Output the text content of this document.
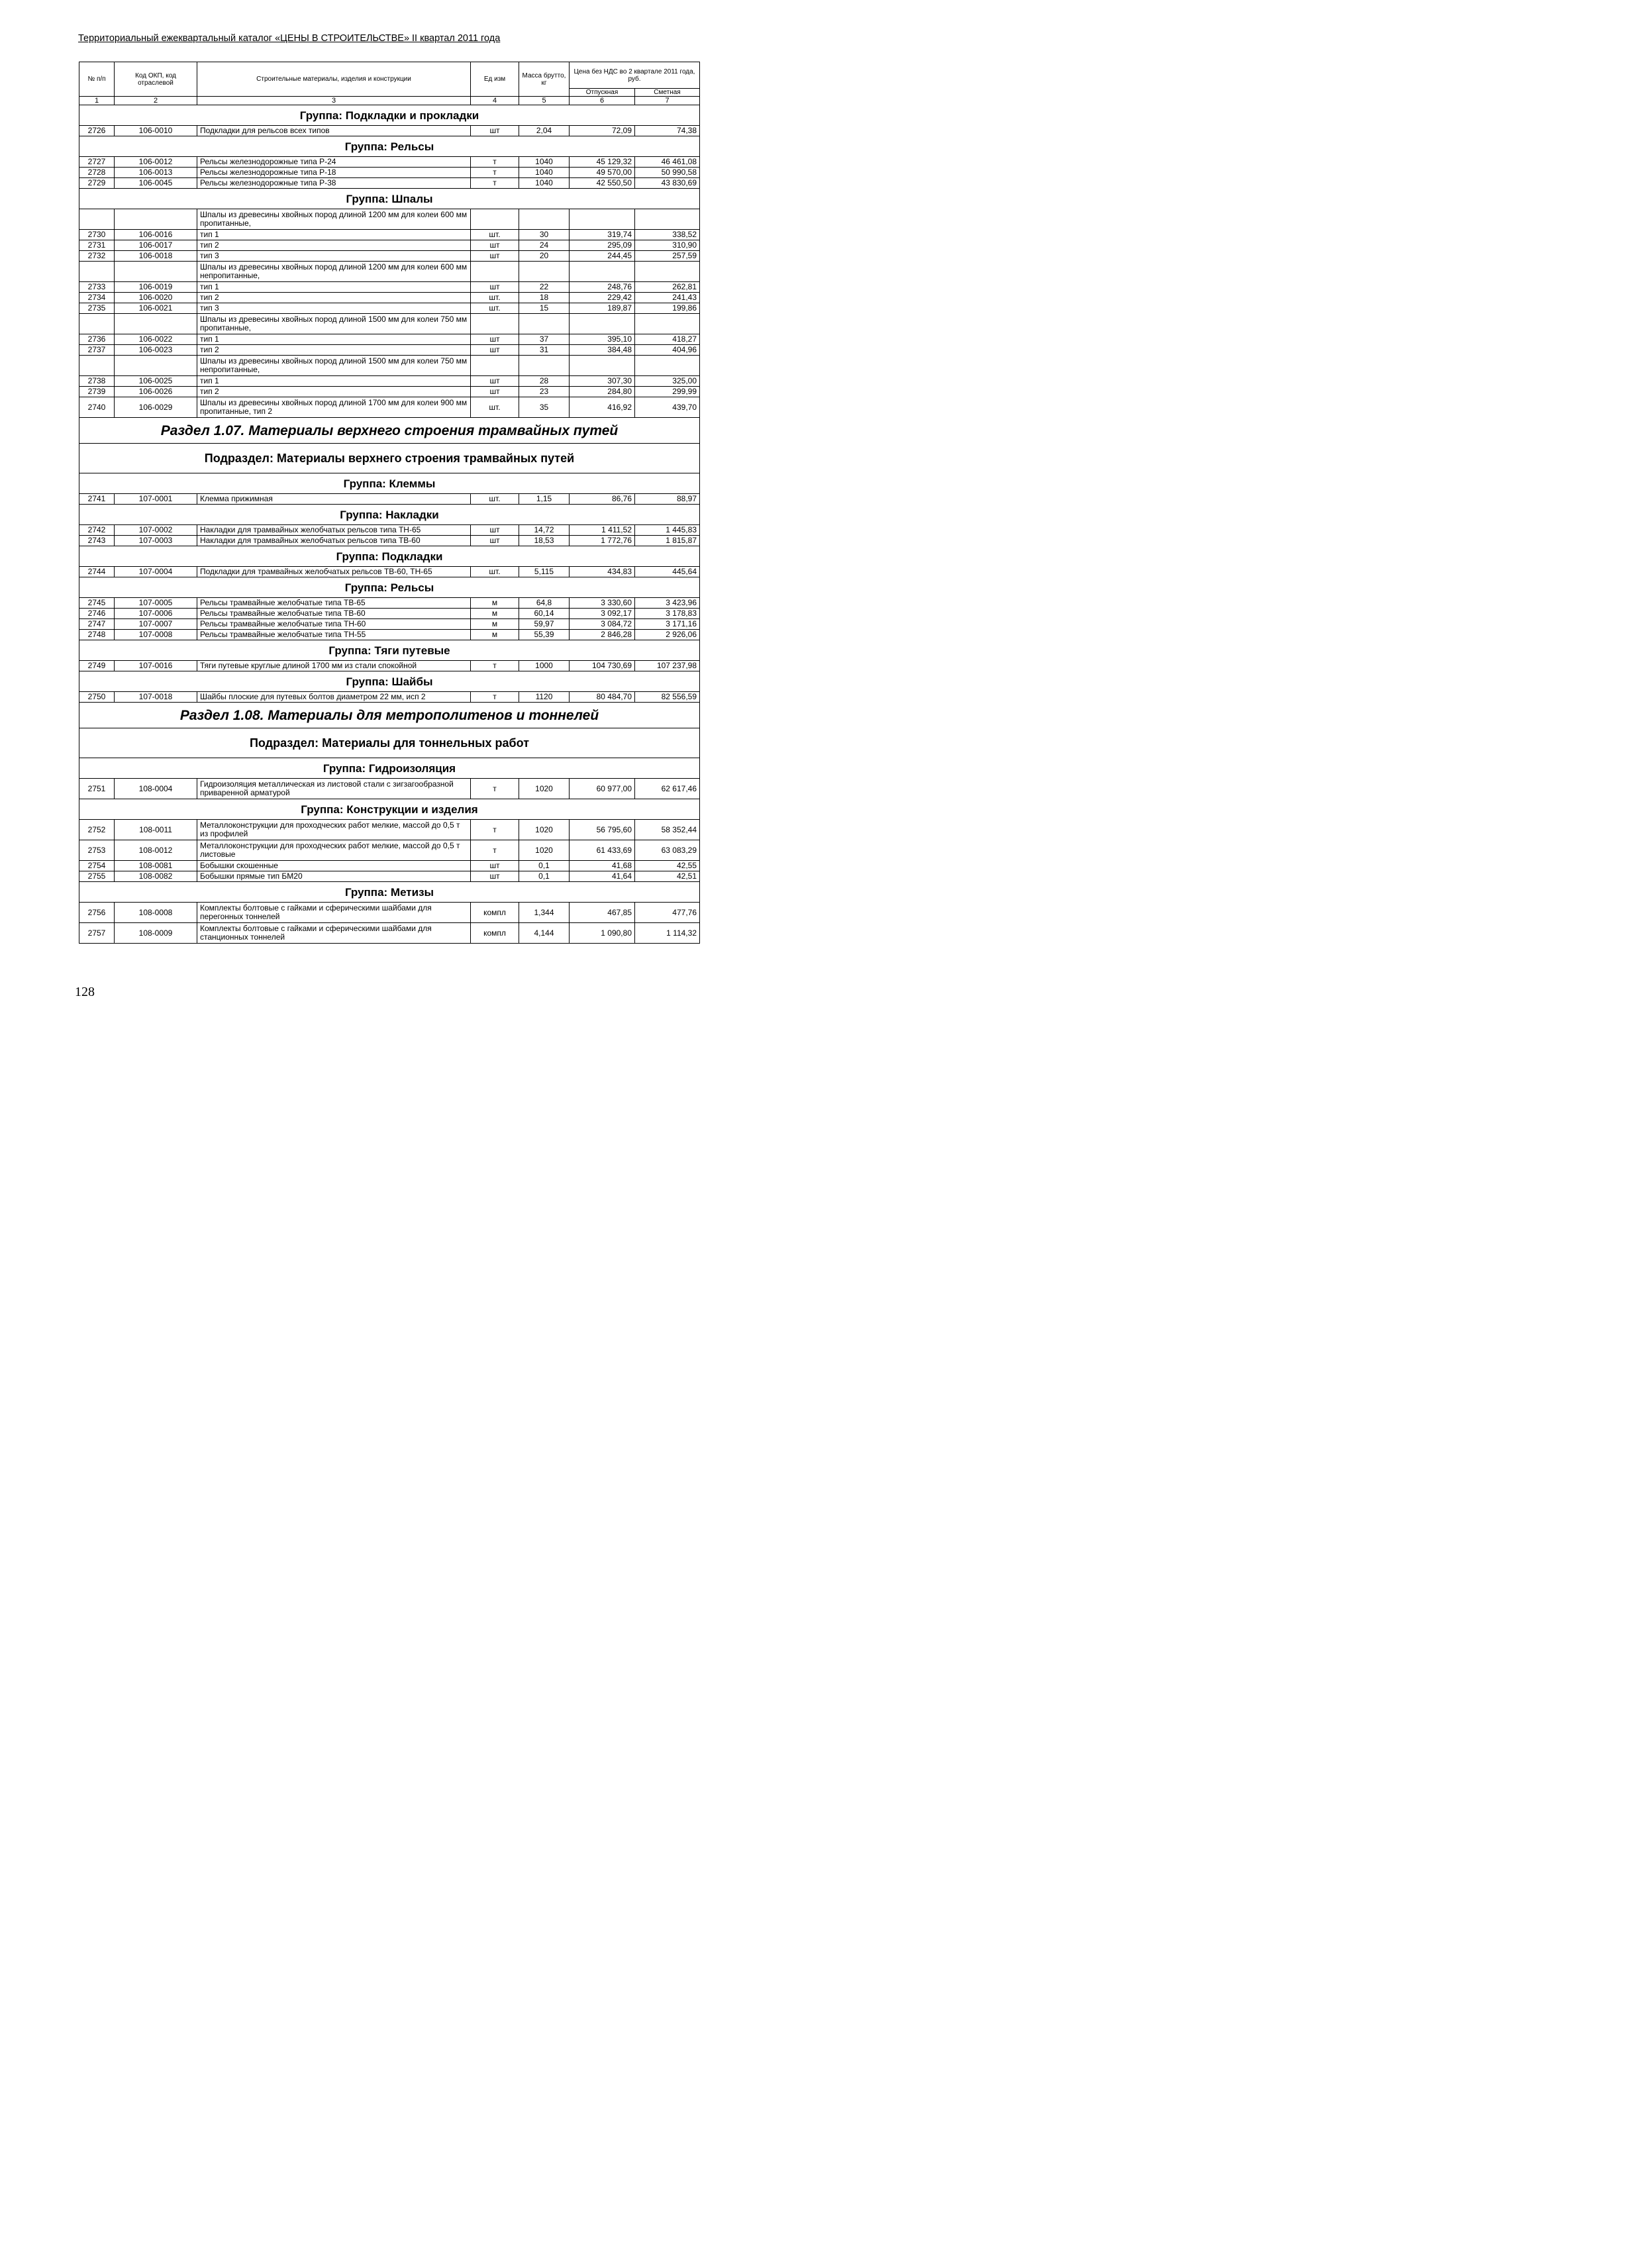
Территориальный ежеквартальный каталог «ЦЕНЫ В СТРОИТЕЛЬСТВЕ» II квартал 2011 года
№ п/п	Код ОКП, код отраслевой	Строительные материалы, изделия и конструкции	Ед изм	Масса брутто, кг	Цена без НДС во 2 квартале 2011 года, руб.	
					Отпускная	Сметная
1	2	3	4	5	6	7
Группа: Подкладки и прокладки						
2726	106-0010	Подкладки для рельсов всех типов	шт	2,04	72,09	74,38
Группа: Рельсы						
2727	106-0012	Рельсы железнодорожные типа Р-24	т	1040	45 129,32	46 461,08
2728	106-0013	Рельсы железнодорожные типа Р-18	т	1040	49 570,00	50 990,58
2729	106-0045	Рельсы железнодорожные типа Р-38	т	1040	42 550,50	43 830,69
Группа: Шпалы						
		Шпалы из древесины хвойных пород длиной 1200 мм для колеи 600 мм пропитанные,				
2730	106-0016	тип 1	шт.	30	319,74	338,52
2731	106-0017	тип 2	шт	24	295,09	310,90
2732	106-0018	тип 3	шт	20	244,45	257,59
		Шпалы из древесины хвойных пород длиной 1200 мм для колеи 600 мм непропитанные,				
2733	106-0019	тип 1	шт	22	248,76	262,81
2734	106-0020	тип 2	шт.	18	229,42	241,43
2735	106-0021	тип 3	шт.	15	189,87	199,86
		Шпалы из древесины хвойных пород длиной 1500 мм для колеи 750 мм пропитанные,				
2736	106-0022	тип 1	шт	37	395,10	418,27
2737	106-0023	тип 2	шт	31	384,48	404,96
		Шпалы из древесины хвойных пород длиной 1500 мм для колеи 750 мм непропитанные,				
2738	106-0025	тип 1	шт	28	307,30	325,00
2739	106-0026	тип 2	шт	23	284,80	299,99
2740	106-0029	Шпалы из древесины хвойных пород длиной 1700 мм для колеи 900 мм пропитанные, тип 2	шт.	35	416,92	439,70
Раздел 1.07. Материалы верхнего строения трамвайных путей						
Подраздел: Материалы верхнего строения трамвайных путей						
Группа: Клеммы						
2741	107-0001	Клемма прижимная	шт.	1,15	86,76	88,97
Группа: Накладки						
2742	107-0002	Накладки для трамвайных желобчатых рельсов типа ТН-65	шт	14,72	1 411,52	1 445,83
2743	107-0003	Накладки для трамвайных желобчатых рельсов типа ТВ-60	шт	18,53	1 772,76	1 815,87
Группа: Подкладки						
2744	107-0004	Подкладки для трамвайных желобчатых рельсов ТВ-60, ТН-65	шт.	5,115	434,83	445,64
Группа: Рельсы						
2745	107-0005	Рельсы трамвайные желобчатые типа ТВ-65	м	64,8	3 330,60	3 423,96
2746	107-0006	Рельсы трамвайные желобчатые типа ТВ-60	м	60,14	3 092,17	3 178,83
2747	107-0007	Рельсы трамвайные желобчатые типа ТН-60	м	59,97	3 084,72	3 171,16
2748	107-0008	Рельсы трамвайные желобчатые типа ТН-55	м	55,39	2 846,28	2 926,06
Группа: Тяги путевые						
2749	107-0016	Тяги путевые круглые длиной 1700 мм из стали спокойной	т	1000	104 730,69	107 237,98
Группа: Шайбы						
2750	107-0018	Шайбы плоские для путевых болтов диаметром 22 мм, исп 2	т	1120	80 484,70	82 556,59
Раздел 1.08. Материалы для метрополитенов и тоннелей						
Подраздел: Материалы для тоннельных работ						
Группа: Гидроизоляция						
2751	108-0004	Гидроизоляция металлическая из листовой стали с зигзагообразной приваренной арматурой	т	1020	60 977,00	62 617,46
Группа: Конструкции и изделия						
2752	108-0011	Металлоконструкции для проходческих работ мелкие, массой до 0,5 т из профилей	т	1020	56 795,60	58 352,44
2753	108-0012	Металлоконструкции для проходческих работ мелкие, массой до 0,5 т листовые	т	1020	61 433,69	63 083,29
2754	108-0081	Бобышки скошенные	шт	0,1	41,68	42,55
2755	108-0082	Бобышки прямые тип БМ20	шт	0,1	41,64	42,51
Группа: Метизы						
2756	108-0008	Комплекты болтовые с гайками и сферическими шайбами для перегонных тоннелей	компл	1,344	467,85	477,76
2757	108-0009	Комплекты болтовые с гайками и сферическими шайбами для станционных тоннелей	компл	4,144	1 090,80	1 114,32
128
